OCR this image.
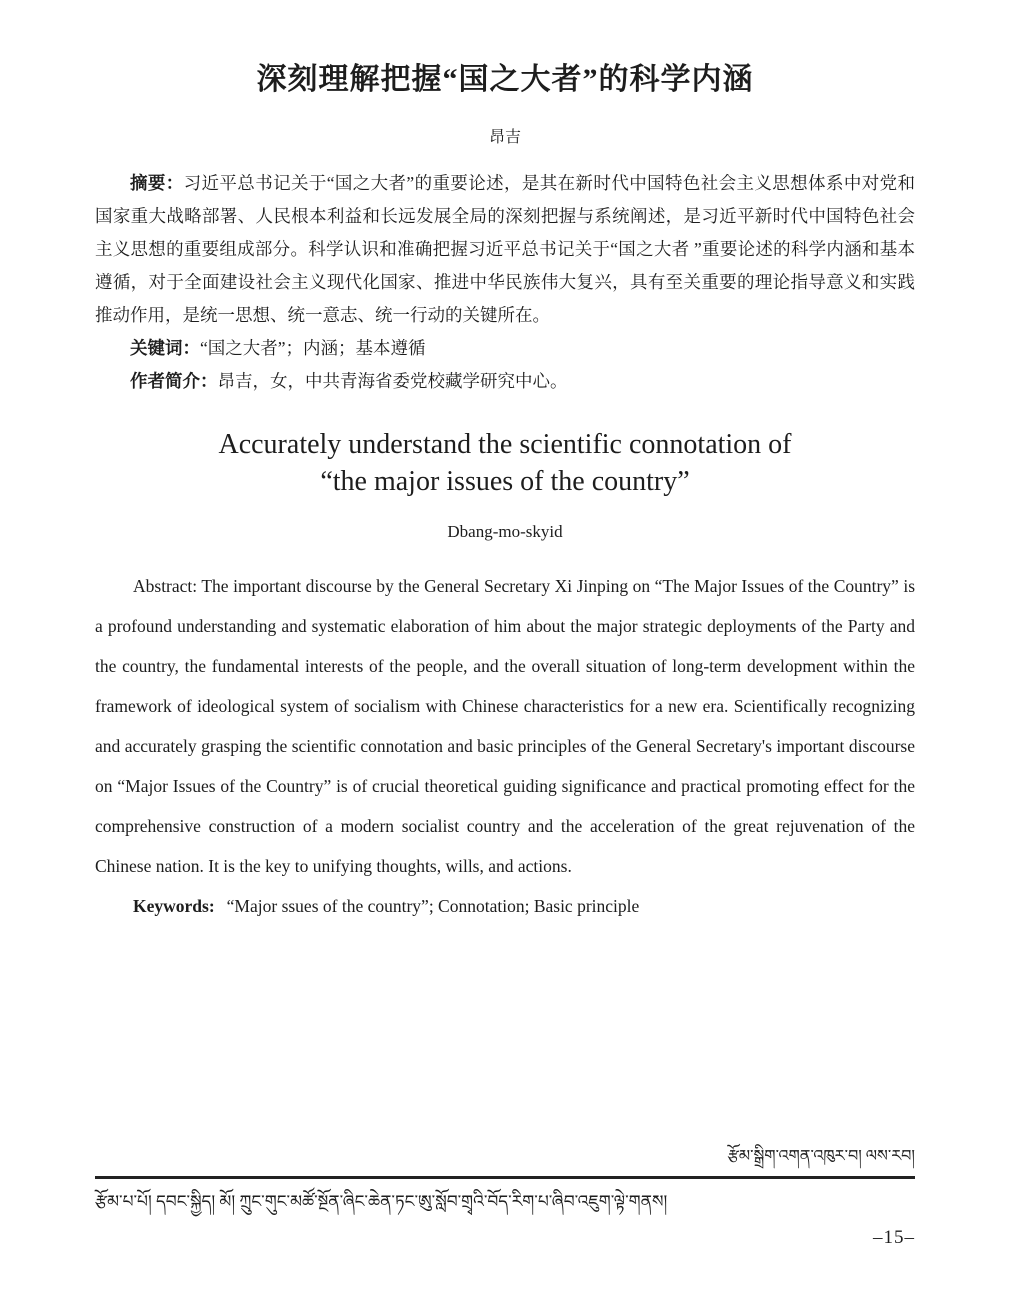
深刻理解把握“国之大者”的科学内涵
昂吉

摘要：习近平总书记关于“国之大者”的重要论述，是其在新时代中国特色社会主义思想体系中对党和国家重大战略部署、人民根本利益和长远发展全局的深刻把握与系统阐述，是习近平新时代中国特色社会主义思想的重要组成部分。科学认识和准确把握习近平总书记关于“国之大者 ”重要论述的科学内涵和基本遵循，对于全面建设社会主义现代化国家、推进中华民族伟大复兴，具有至关重要的理论指导意义和实践推动作用，是统一思想、统一意志、统一行动的关键所在。

关键词：“国之大者”；内涵；基本遵循

作者简介：昂吉，女，中共青海省委党校藏学研究中心。

Accurately understand the scientific connotation of
“the major issues of the country”
Dbang-mo-skyid

Abstract: The important discourse by the General Secretary Xi Jinping on “The Major Issues of the Country” is a profound understanding and systematic elaboration of him about the major strategic deployments of the Party and the country, the fundamental interests of the people, and the overall situation of long-term development within the framework of ideological system of socialism with Chinese characteristics for a new era. Scientifically recognizing and accurately grasping the scientific connotation and basic principles of the General Secretary's important discourse on “Major Issues of the Country” is of crucial theoretical guiding significance and practical promoting effect for the comprehensive construction of a modern socialist country and the acceleration of the great rejuvenation of the Chinese nation. It is the key to unifying thoughts, wills, and actions.

Keywords: “Major ssues of the country”; Connotation; Basic principle

རྩོམ་སྒྲིག་འགན་འཁུར་བ། ལས་རབ།
རྩོམ་པ་པོ། དབང་སྐྱིད། མོ། ཀྲུང་གུང་མཚོ་སྔོན་ཞིང་ཆེན་ཏང་ཨུ་སློབ་གྲྭའི་བོད་རིག་པ་ཞིབ་འཇུག་ལྟེ་གནས།
–15–
